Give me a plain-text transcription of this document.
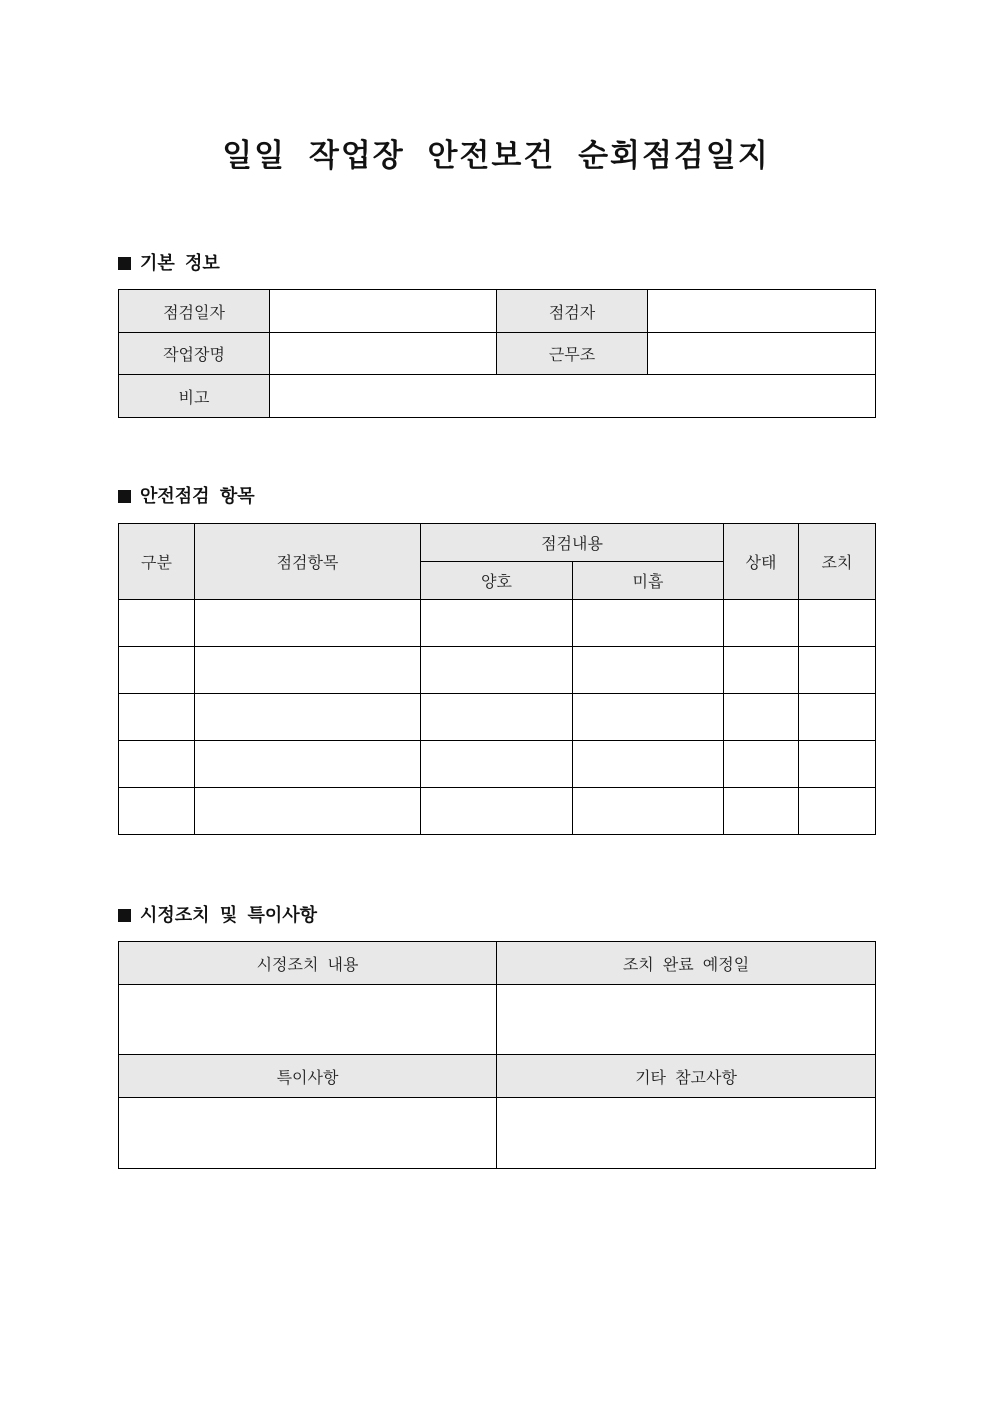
일일 작업장 안전보건 순회점검일지
기본 정보
점검일자		점검자	
작업장명		근무조	
비고			
안전점검 항목
구분	점검항목	점검내용		상태	조치
		양호	미흡		

시정조치 및 특이사항
시정조치 내용	조치 완료 예정일

특이사항	기타 참고사항
